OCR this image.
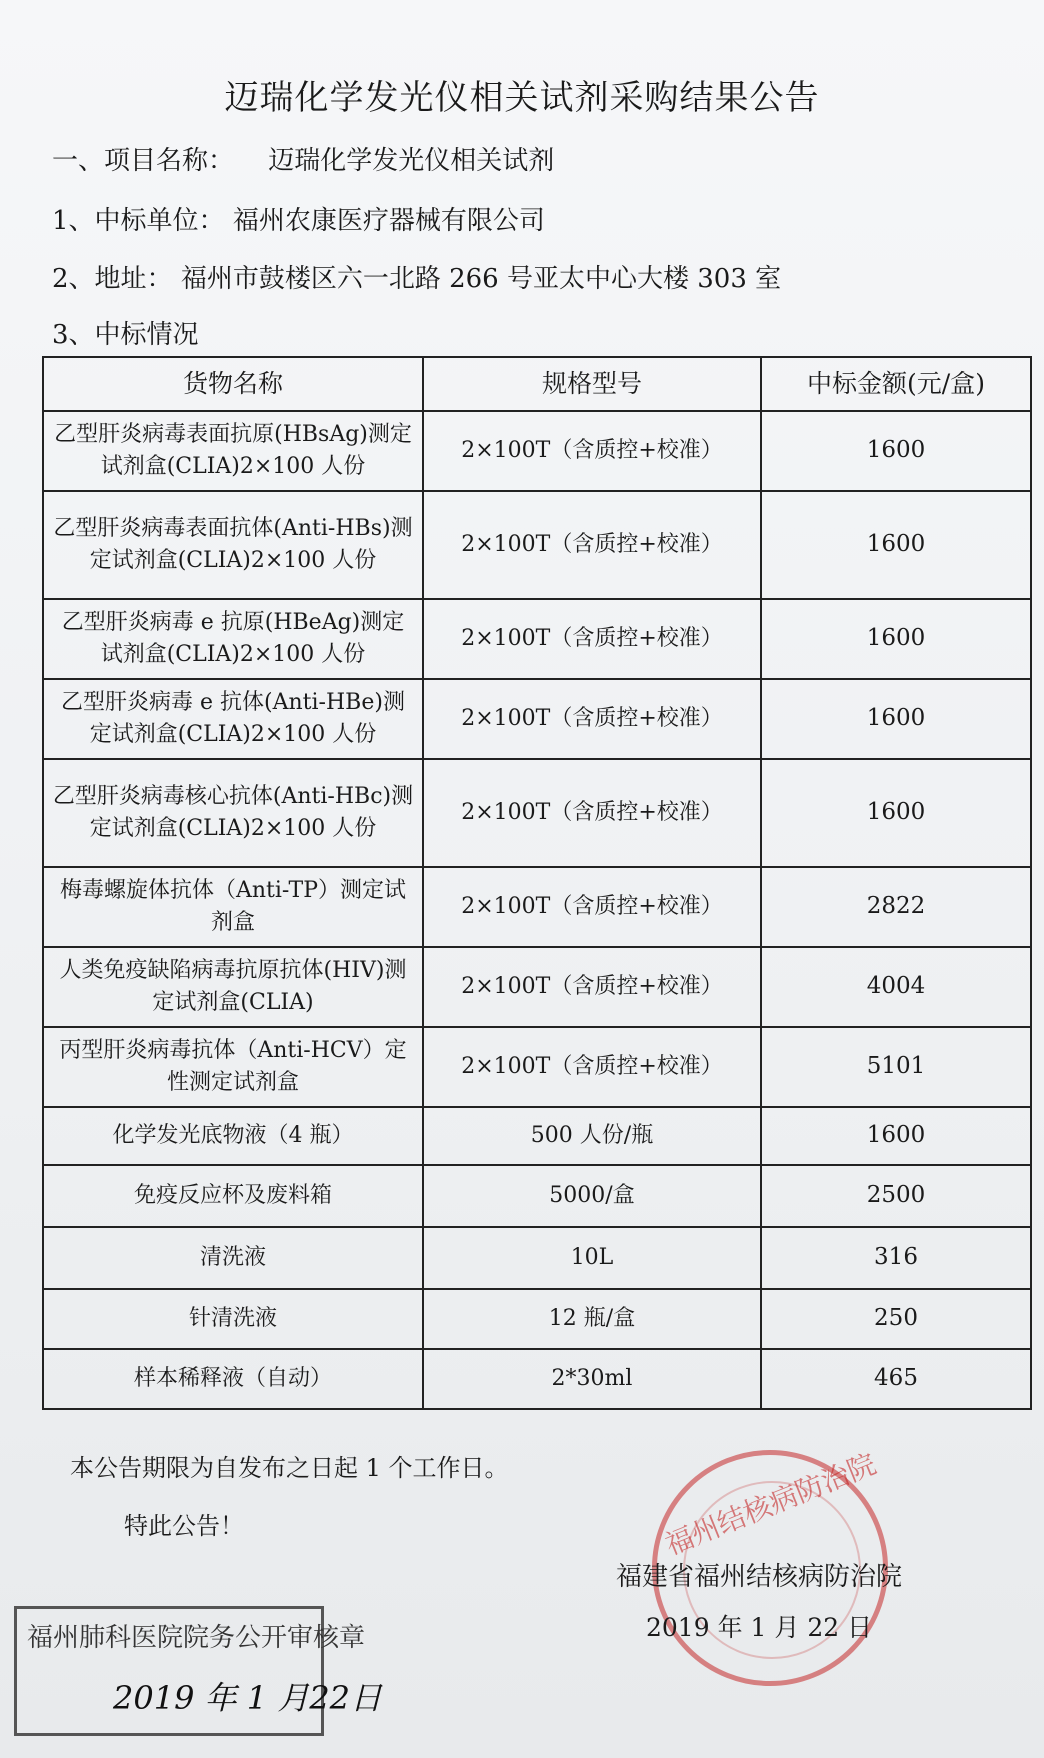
迈瑞化学发光仪相关试剂采购结果公告
一、项目名称： 迈瑞化学发光仪相关试剂
1、中标单位： 福州农康医疗器械有限公司
2、地址： 福州市鼓楼区六一北路 266 号亚太中心大楼 303 室
3、中标情况
货物名称	规格型号	中标金额(元/盒)
乙型肝炎病毒表面抗原(HBsAg)测定试剂盒(CLIA)2×100 人份	2×100T（含质控+校准）	1600
乙型肝炎病毒表面抗体(Anti-HBs)测定试剂盒(CLIA)2×100 人份	2×100T（含质控+校准）	1600
乙型肝炎病毒 e 抗原(HBeAg)测定试剂盒(CLIA)2×100 人份	2×100T（含质控+校准）	1600
乙型肝炎病毒 e 抗体(Anti-HBe)测定试剂盒(CLIA)2×100 人份	2×100T（含质控+校准）	1600
乙型肝炎病毒核心抗体(Anti-HBc)测定试剂盒(CLIA)2×100 人份	2×100T（含质控+校准）	1600
梅毒螺旋体抗体（Anti-TP）测定试剂盒	2×100T（含质控+校准）	2822
人类免疫缺陷病毒抗原抗体(HIV)测定试剂盒(CLIA)	2×100T（含质控+校准）	4004
丙型肝炎病毒抗体（Anti-HCV）定性测定试剂盒	2×100T（含质控+校准）	5101
化学发光底物液（4 瓶）	500 人份/瓶	1600
免疫反应杯及废料箱	5000/盒	2500
清洗液	10L	316
针清洗液	12 瓶/盒	250
样本稀释液（自动）	2*30ml	465
本公告期限为自发布之日起 1 个工作日。
特此公告！	福州结核病防治院
福建省福州结核病防治院
2019 年 1 月 22 日
福州肺科医院院务公开审核章
2019 年 1 月22日
